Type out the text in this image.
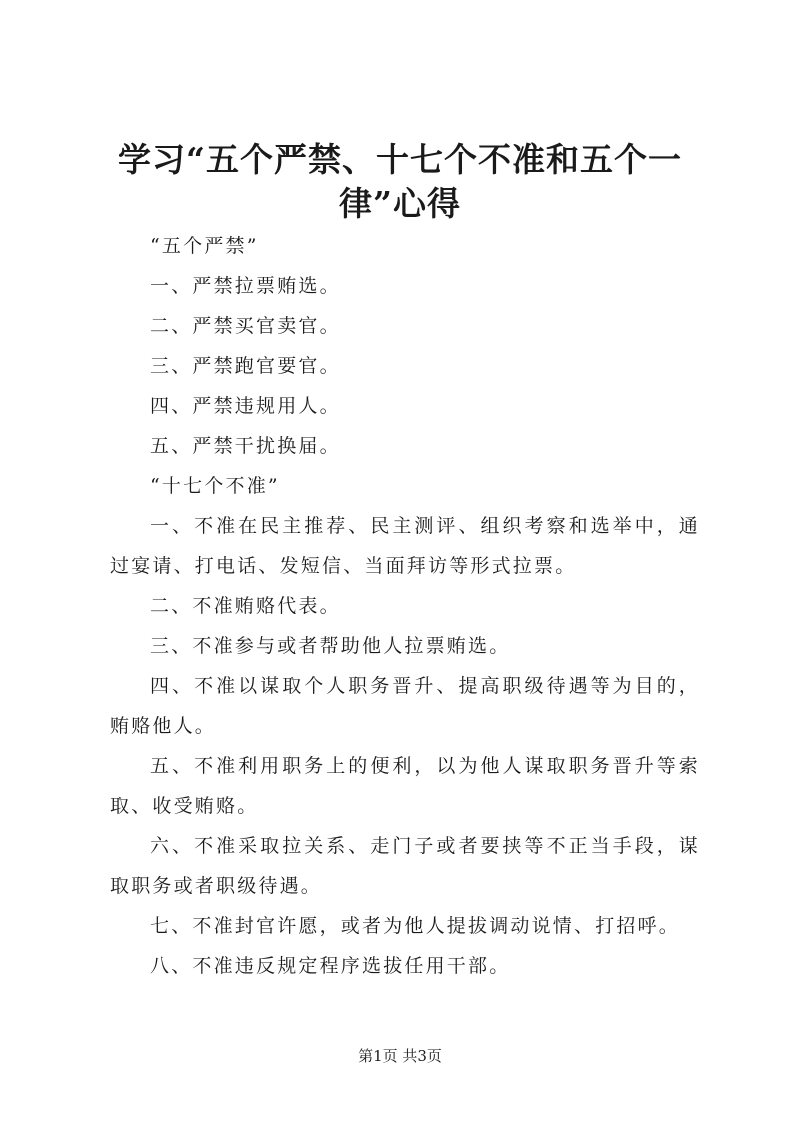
学习“五个严禁、十七个不准和五个一律”心得

“五个严禁”

一、严禁拉票贿选。

二、严禁买官卖官。

三、严禁跑官要官。

四、严禁违规用人。

五、严禁干扰换届。

“十七个不准”

一、不准在民主推荐、民主测评、组织考察和选举中，通过宴请、打电话、发短信、当面拜访等形式拉票。

二、不准贿赂代表。

三、不准参与或者帮助他人拉票贿选。

四、不准以谋取个人职务晋升、提高职级待遇等为目的，贿赂他人。

五、不准利用职务上的便利，以为他人谋取职务晋升等索取、收受贿赂。

六、不准采取拉关系、走门子或者要挟等不正当手段，谋取职务或者职级待遇。

七、不准封官许愿，或者为他人提拔调动说情、打招呼。

八、不准违反规定程序选拔任用干部。

第1页 共3页
